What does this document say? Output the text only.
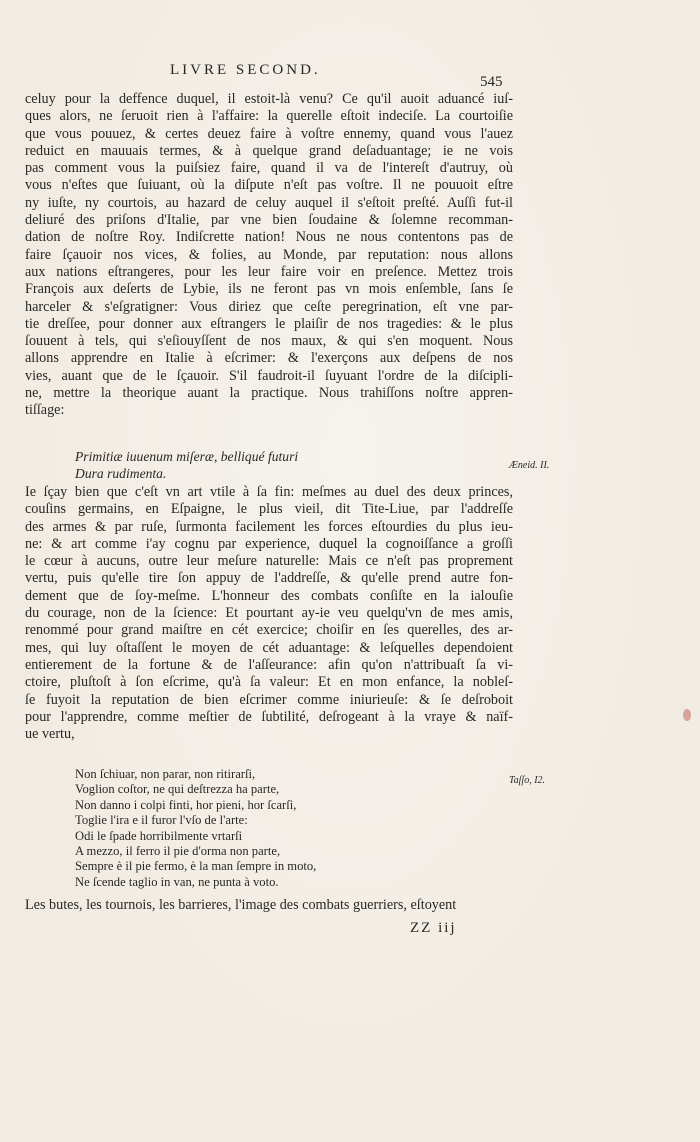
LIVRE SECOND.
545
celuy pour la deffence duquel, il estoit-là venu? Ce qu'il auoit aduancé iuſ-
ques alors, ne ſeruoit rien à l'affaire: la querelle eſtoit indeciſe. La courtoiſie
que vous pouuez, & certes deuez faire à voſtre ennemy, quand vous l'auez
reduict en mauuais termes, & à quelque grand deſaduantage; ie ne vois
pas comment vous la puiſsiez faire, quand il va de l'intereſt d'autruy, où
vous n'eſtes que ſuiuant, où la diſpute n'eſt pas voſtre. Il ne pouuoit eſtre
ny iuſte, ny courtois, au hazard de celuy auquel il s'eſtoit preſté. Auſſi fut-il
deliuré des priſons d'Italie, par vne bien ſoudaine & ſolemne recomman-
dation de noſtre Roy. Indiſcrette nation! Nous ne nous contentons pas de
faire ſçauoir nos vices, & folies, au Monde, par reputation: nous allons
aux nations eſtrangeres, pour les leur faire voir en preſence. Mettez trois
François aux deſerts de Lybie, ils ne feront pas vn mois enſemble, ſans ſe
harceler & s'eſgratigner: Vous diriez que ceſte peregrination, eſt vne par-
tie dreſſee, pour donner aux eſtrangers le plaiſir de nos tragedies: & le plus
ſouuent à tels, qui s'eſiouyſſent de nos maux, & qui s'en moquent. Nous
allons apprendre en Italie à eſcrimer: & l'exerçons aux deſpens de nos
vies, auant que de le ſçauoir. S'il faudroit-il ſuyuant l'ordre de la diſcipli-
ne, mettre la theorique auant la practique. Nous trahiſſons noſtre appren-
tiſſage:
Primitiæ iuuenum miſeræ, belliqué futuri
Dura rudimenta.
Æneid. II.
Ie ſçay bien que c'eſt vn art vtile à ſa fin: meſmes au duel des deux princes,
couſins germains, en Eſpaigne, le plus vieil, dit Tite-Liue, par l'addreſſe
des armes & par ruſe, ſurmonta facilement les forces eſtourdies du plus ieu-
ne: & art comme i'ay cognu par experience, duquel la cognoiſſance a groſſi
le cœur à aucuns, outre leur meſure naturelle: Mais ce n'eſt pas proprement
vertu, puis qu'elle tire ſon appuy de l'addreſſe, & qu'elle prend autre fon-
dement que de ſoy-meſme. L'honneur des combats conſiſte en la ialouſie
du courage, non de la ſcience: Et pourtant ay-ie veu quelqu'vn de mes amis,
renommé pour grand maiſtre en cét exercice; choiſir en ſes querelles, des ar-
mes, qui luy oſtaſſent le moyen de cét aduantage: & leſquelles dependoient
entierement de la fortune & de l'aſſeurance: afin qu'on n'attribuaſt ſa vi-
ctoire, pluſtoſt à ſon eſcrime, qu'à ſa valeur: Et en mon enfance, la nobleſ-
ſe fuyoit la reputation de bien eſcrimer comme iniurieuſe: & ſe deſroboit
pour l'apprendre, comme meſtier de ſubtilité, deſrogeant à la vraye & naïf-
ue vertu,
Non ſchiuar, non parar, non ritirarſi,
Voglion coſtor, ne qui deſtrezza ha parte,
Non danno i colpi finti, hor pieni, hor ſcarſi,
Toglie l'ira e il furor l'vſo de l'arte:
Odi le ſpade horribilmente vrtarſi
A mezzo, il ferro il pie d'orma non parte,
Sempre è il pie fermo, è la man ſempre in moto,
Ne ſcende taglio in van, ne punta à voto.
Taſſo, I2.
Les butes, les tournois, les barrieres, l'image des combats guerriers, eſtoyent
ZZ iij
